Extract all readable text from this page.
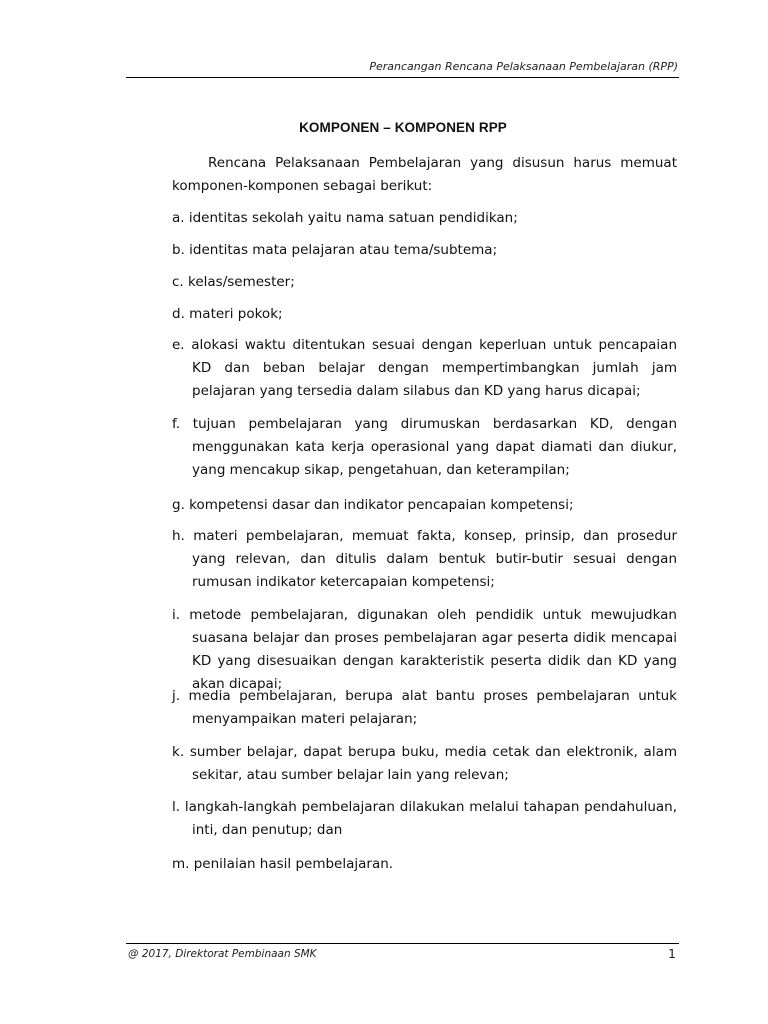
Perancangan Rencana Pelaksanaan Pembelajaran (RPP)
KOMPONEN – KOMPONEN RPP

Rencana Pelaksanaan Pembelajaran yang disusun harus memuat komponen-komponen sebagai berikut:

a. identitas sekolah yaitu nama satuan pendidikan;

b. identitas mata pelajaran atau tema/subtema;

c. kelas/semester;

d. materi pokok;

e. alokasi waktu ditentukan sesuai dengan keperluan untuk pencapaian KD dan beban belajar dengan mempertimbangkan jumlah jam pelajaran yang tersedia dalam silabus dan KD yang harus dicapai;

f. tujuan pembelajaran yang dirumuskan berdasarkan KD, dengan menggunakan kata kerja operasional yang dapat diamati dan diukur, yang mencakup sikap, pengetahuan, dan keterampilan;

g. kompetensi dasar dan indikator pencapaian kompetensi;

h. materi pembelajaran, memuat fakta, konsep, prinsip, dan prosedur yang relevan, dan ditulis dalam bentuk butir-butir sesuai dengan rumusan indikator ketercapaian kompetensi;

i. metode pembelajaran, digunakan oleh pendidik untuk mewujudkan suasana belajar dan proses pembelajaran agar peserta didik mencapai KD yang disesuaikan dengan karakteristik peserta didik dan KD yang akan dicapai;

j. media pembelajaran, berupa alat bantu proses pembelajaran untuk menyampaikan materi pelajaran;

k. sumber belajar, dapat berupa buku, media cetak dan elektronik, alam sekitar, atau sumber belajar lain yang relevan;

l. langkah-langkah pembelajaran dilakukan melalui tahapan pendahuluan, inti, dan penutup; dan

m. penilaian hasil pembelajaran.

@ 2017, Direktorat Pembinaan SMK	1
